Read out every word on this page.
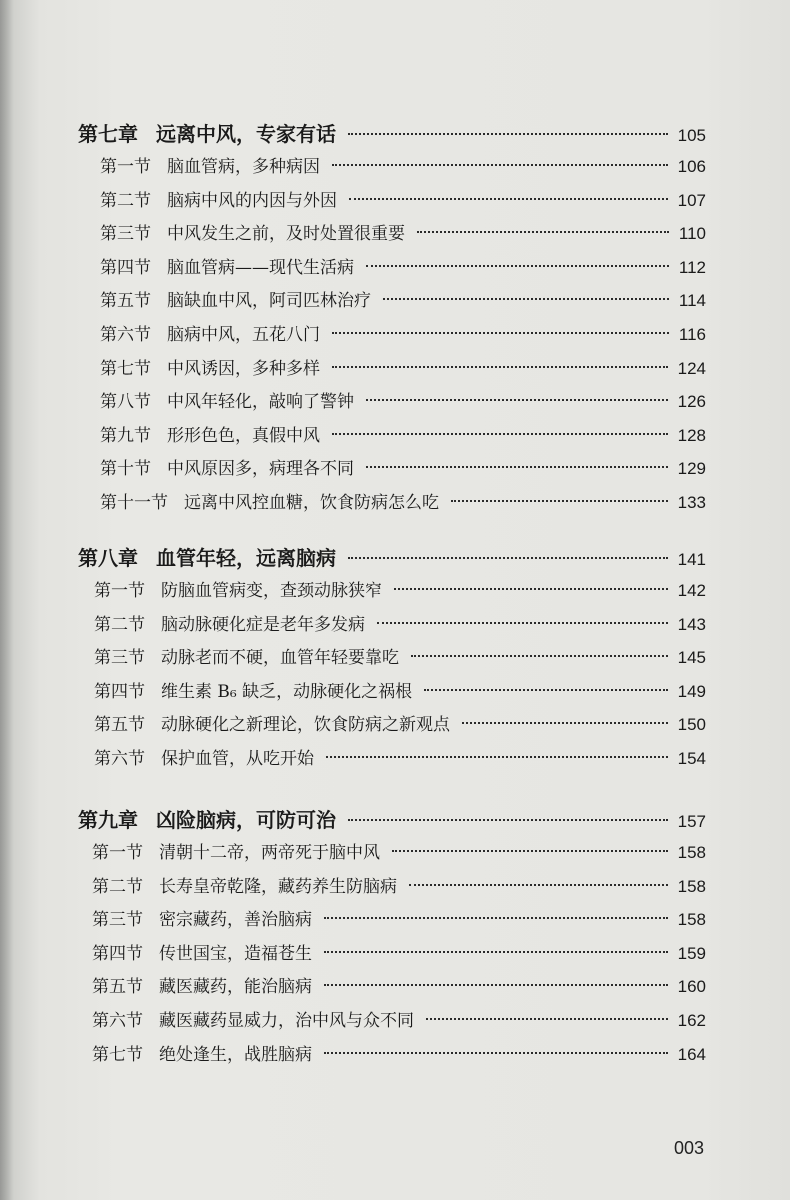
第七章 远离中风，专家有话	105
第一节 脑血管病，多种病因	106
第二节 脑病中风的内因与外因	107
第三节 中风发生之前，及时处置很重要	110
第四节 脑血管病——现代生活病	112
第五节 脑缺血中风，阿司匹林治疗	114
第六节 脑病中风，五花八门	116
第七节 中风诱因，多种多样	124
第八节 中风年轻化，敲响了警钟	126
第九节 形形色色，真假中风	128
第十节 中风原因多，病理各不同	129
第十一节 远离中风控血糖，饮食防病怎么吃	133
第八章 血管年轻，远离脑病	141
第一节 防脑血管病变，查颈动脉狭窄	142
第二节 脑动脉硬化症是老年多发病	143
第三节 动脉老而不硬，血管年轻要靠吃	145
第四节 维生素 B₆ 缺乏，动脉硬化之祸根	149
第五节 动脉硬化之新理论，饮食防病之新观点	150
第六节 保护血管，从吃开始	154
第九章 凶险脑病，可防可治	157
第一节 清朝十二帝，两帝死于脑中风	158
第二节 长寿皇帝乾隆，藏药养生防脑病	158
第三节 密宗藏药，善治脑病	158
第四节 传世国宝，造福苍生	159
第五节 藏医藏药，能治脑病	160
第六节 藏医藏药显威力，治中风与众不同	162
第七节 绝处逢生，战胜脑病	164
003
